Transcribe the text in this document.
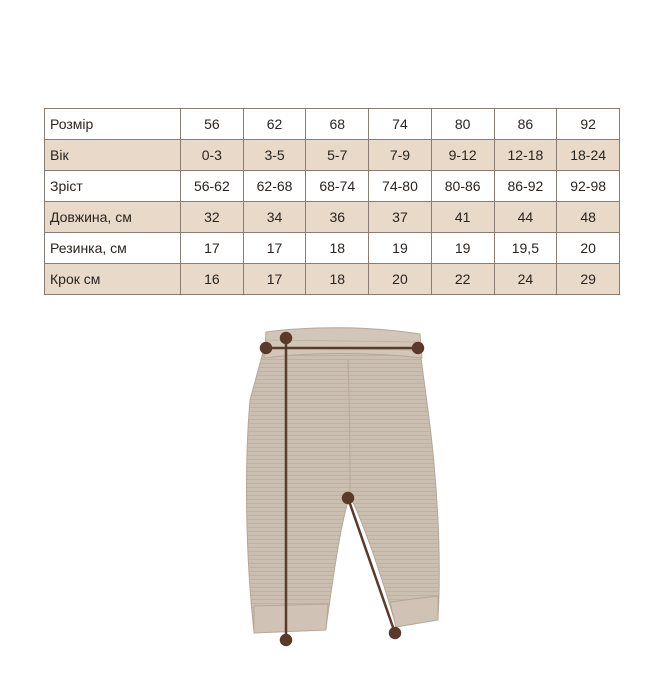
Розмір	56	62	68	74	80	86	92
Вік	0-3	3-5	5-7	7-9	9-12	12-18	18-24
Зріст	56-62	62-68	68-74	74-80	80-86	86-92	92-98
Довжина, см	32	34	36	37	41	44	48
Резинка, см	17	17	18	19	19	19,5	20
Крок см	16	17	18	20	22	24	29
